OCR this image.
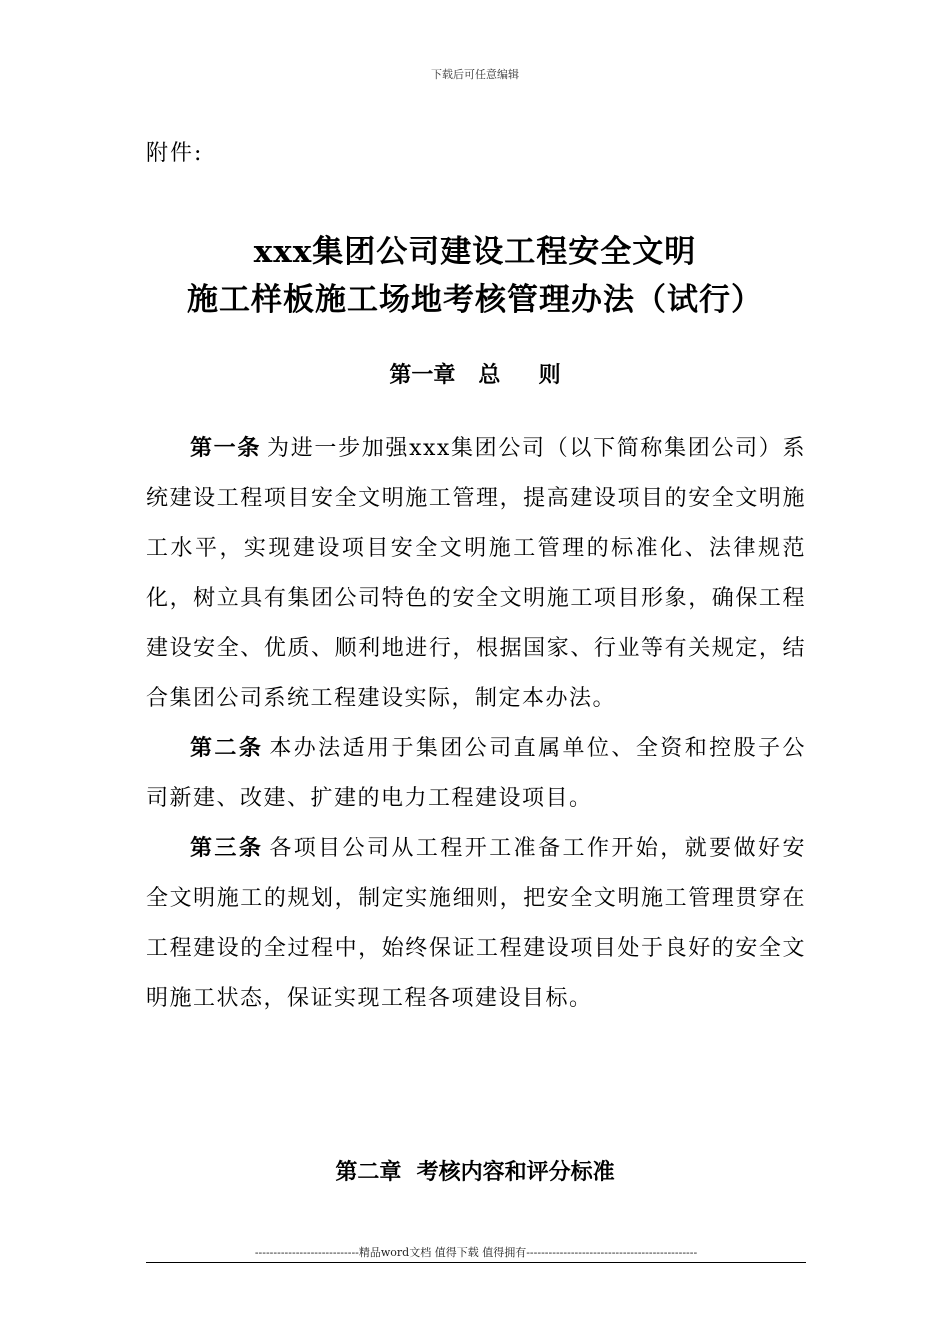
下载后可任意编辑
附件:
xxx集团公司建设工程安全文明
施工样板施工场地考核管理办法（试行）
第一章   总     则

第一条 为进一步加强xxx集团公司（以下简称集团公司）系统建设工程项目安全文明施工管理，提高建设项目的安全文明施工水平，实现建设项目安全文明施工管理的标准化、法律规范化，树立具有集团公司特色的安全文明施工项目形象，确保工程建设安全、优质、顺利地进行，根据国家、行业等有关规定，结合集团公司系统工程建设实际，制定本办法。

第二条 本办法适用于集团公司直属单位、全资和控股子公司新建、改建、扩建的电力工程建设项目。

第三条 各项目公司从工程开工准备工作开始，就要做好安全文明施工的规划，制定实施细则，把安全文明施工管理贯穿在工程建设的全过程中，始终保证工程建设项目处于良好的安全文明施工状态，保证实现工程各项建设目标。

第二章  考核内容和评分标准
----------------------------精品word文档 值得下载 值得拥有----------------------------------------------
